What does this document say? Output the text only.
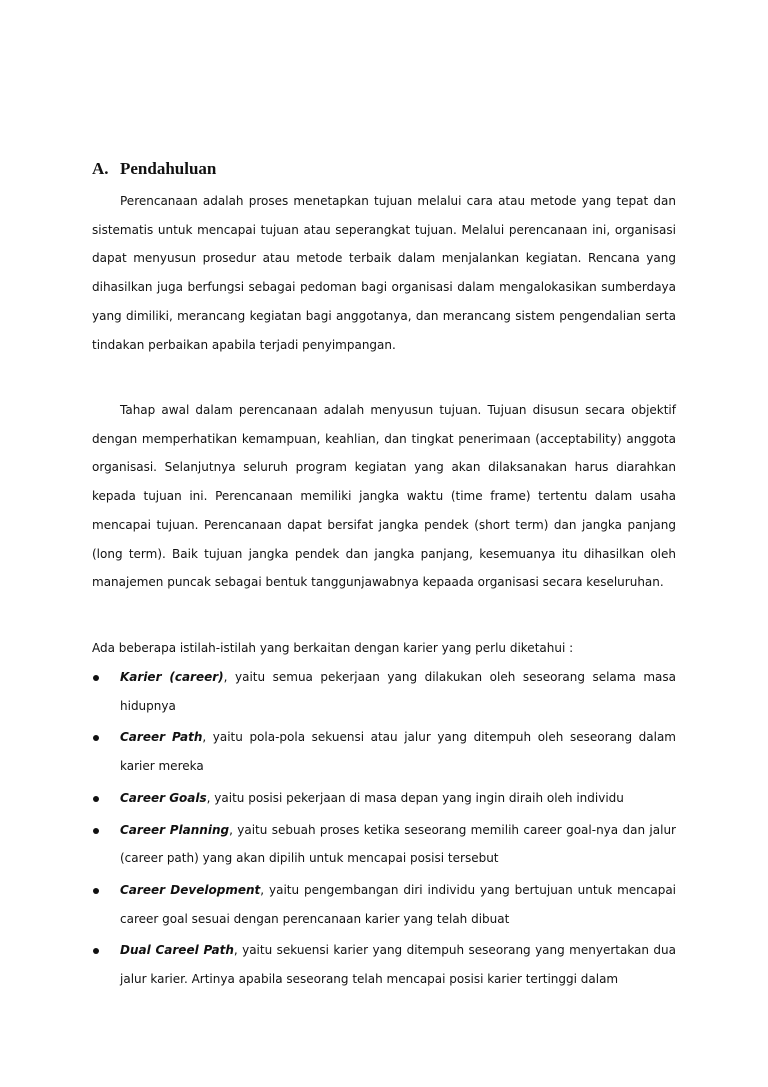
A. Pendahuluan

Perencanaan adalah proses menetapkan tujuan melalui cara atau metode yang tepat dan sistematis untuk mencapai tujuan atau seperangkat tujuan. Melalui perencanaan ini, organisasi dapat menyusun prosedur atau metode terbaik dalam menjalankan kegiatan. Rencana yang dihasilkan juga berfungsi sebagai pedoman bagi organisasi dalam mengalokasikan sumberdaya yang dimiliki, merancang kegiatan bagi anggotanya, dan merancang sistem pengendalian serta tindakan perbaikan apabila terjadi penyimpangan.

Tahap awal dalam perencanaan adalah menyusun tujuan. Tujuan disusun secara objektif dengan memperhatikan kemampuan, keahlian, dan tingkat penerimaan (acceptability) anggota organisasi. Selanjutnya seluruh program kegiatan yang akan dilaksanakan harus diarahkan kepada tujuan ini. Perencanaan memiliki jangka waktu (time frame) tertentu dalam usaha mencapai tujuan. Perencanaan dapat bersifat jangka pendek (short term) dan jangka panjang (long term). Baik tujuan jangka pendek dan jangka panjang, kesemuanya itu dihasilkan oleh manajemen puncak sebagai bentuk tanggunjawabnya kepaada organisasi secara keseluruhan.

Ada beberapa istilah-istilah yang berkaitan dengan karier yang perlu diketahui :

Karier (career), yaitu semua pekerjaan yang dilakukan oleh seseorang selama masa hidupnya
Career Path, yaitu pola-pola sekuensi atau jalur yang ditempuh oleh seseorang dalam karier mereka
Career Goals, yaitu posisi pekerjaan di masa depan yang ingin diraih oleh individu
Career Planning, yaitu sebuah proses ketika seseorang memilih career goal-nya dan jalur (career path) yang akan dipilih untuk mencapai posisi tersebut
Career Development, yaitu pengembangan diri individu yang bertujuan untuk mencapai career goal sesuai dengan perencanaan karier yang telah dibuat
Dual Careel Path, yaitu sekuensi karier yang ditempuh seseorang yang menyertakan dua jalur karier. Artinya apabila seseorang telah mencapai posisi karier tertinggi dalam
